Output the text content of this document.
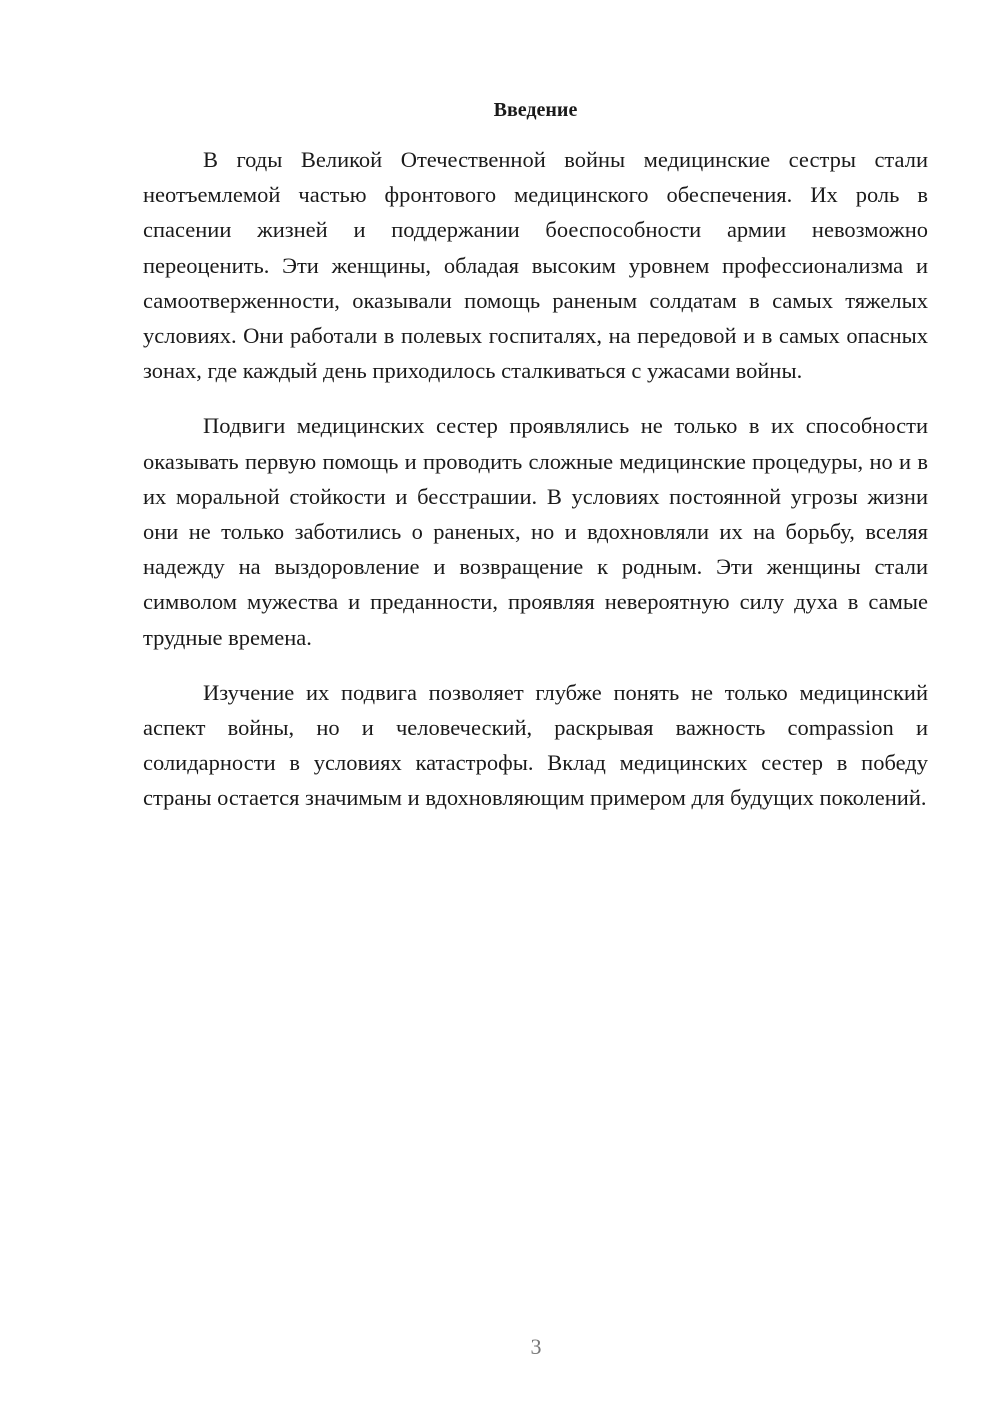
Введение

В годы Великой Отечественной войны медицинские сестры стали неотъемлемой частью фронтового медицинского обеспечения. Их роль в спасении жизней и поддержании боеспособности армии невозможно переоценить. Эти женщины, обладая высоким уровнем профессионализма и самоотверженности, оказывали помощь раненым солдатам в самых тяжелых условиях. Они работали в полевых госпиталях, на передовой и в самых опасных зонах, где каждый день приходилось сталкиваться с ужасами войны.

Подвиги медицинских сестер проявлялись не только в их способности оказывать первую помощь и проводить сложные медицинские процедуры, но и в их моральной стойкости и бесстрашии. В условиях постоянной угрозы жизни они не только заботились о раненых, но и вдохновляли их на борьбу, вселяя надежду на выздоровление и возвращение к родным. Эти женщины стали символом мужества и преданности, проявляя невероятную силу духа в самые трудные времена.

Изучение их подвига позволяет глубже понять не только медицинский аспект войны, но и человеческий, раскрывая важность compassion и солидарности в условиях катастрофы. Вклад медицинских сестер в победу страны остается значимым и вдохновляющим примером для будущих поколений.

3
